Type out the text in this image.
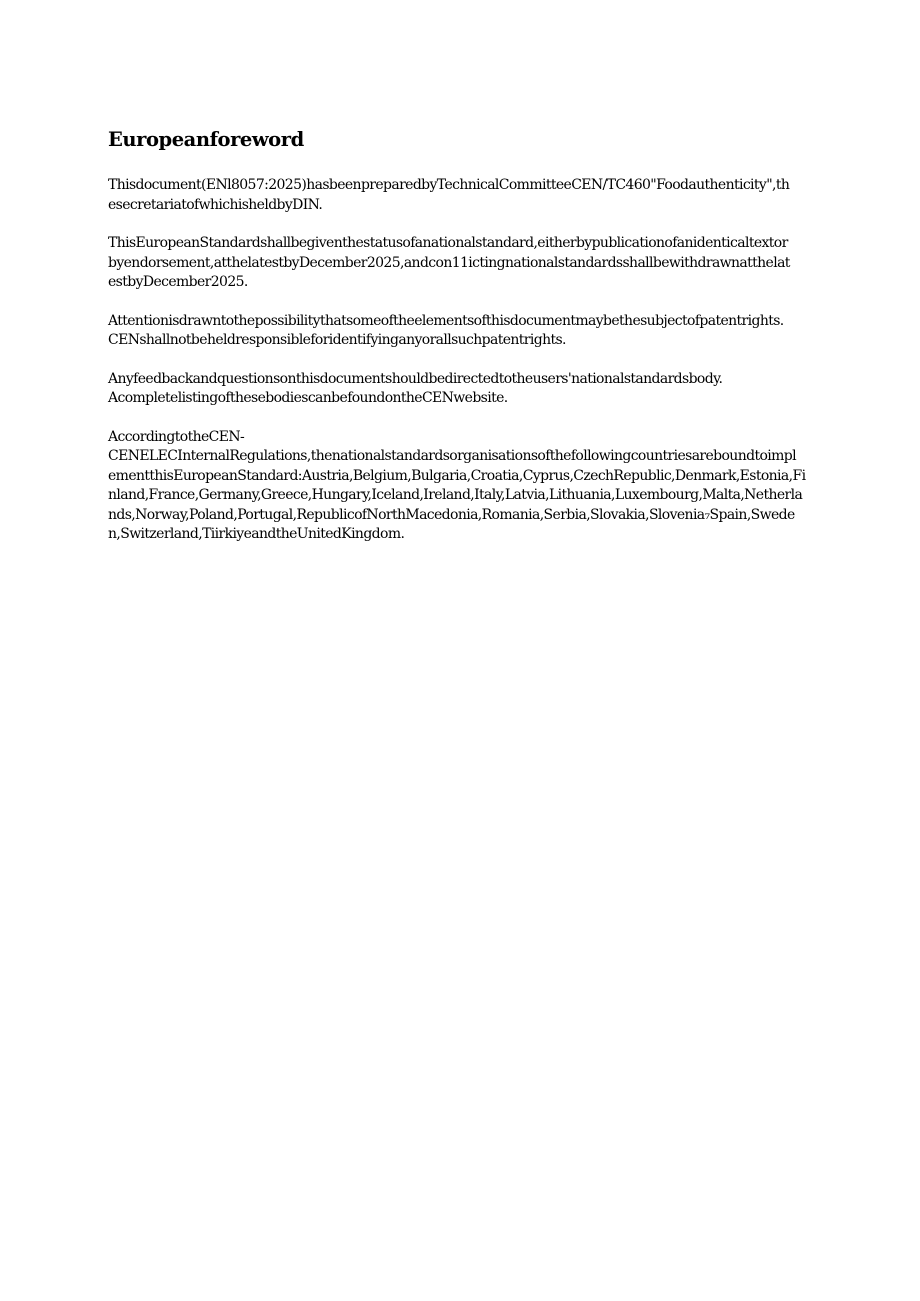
Europeanforeword
Thisdocument(ENl8057:2025)hasbeenpreparedbyTechnicalCommitteeCEN/TC460"Foodauthenticity",th
esecretariatofwhichisheldbyDIN.
ThisEuropeanStandardshallbegiventhestatusofanationalstandard,eitherbypublicationofanidenticaltextor
byendorsement,atthelatestbyDecember2025,andcon11ictingnationalstandardsshallbewithdrawnatthelat
estbyDecember2025.
Attentionisdrawntothepossibilitythatsomeoftheelementsofthisdocumentmaybethesubjectofpatentrights.
CENshallnotbeheldresponsibleforidentifyinganyorallsuchpatentrights.
Anyfeedbackandquestionsonthisdocumentshouldbedirectedtotheusers'nationalstandardsbody.
AcompletelistingofthesebodiescanbefoundontheCENwebsite.
AccordingtotheCEN-
CENELECInternalRegulations,thenationalstandardsorganisationsofthefollowingcountriesareboundtoimpl
ementthisEuropeanStandard:Austria,Belgium,Bulgaria,Croatia,Cyprus,CzechRepublic,Denmark,Estonia,Fi
nland,France,Germany,Greece,Hungary,Iceland,Ireland,Italy,Latvia,Lithuania,Luxembourg,Malta,Netherla
nds,Norway,Poland,Portugal,RepublicofNorthMacedonia,Romania,Serbia,Slovakia,Slovenia₇Spain,Swede
n,Switzerland,TiirkiyeandtheUnitedKingdom.
